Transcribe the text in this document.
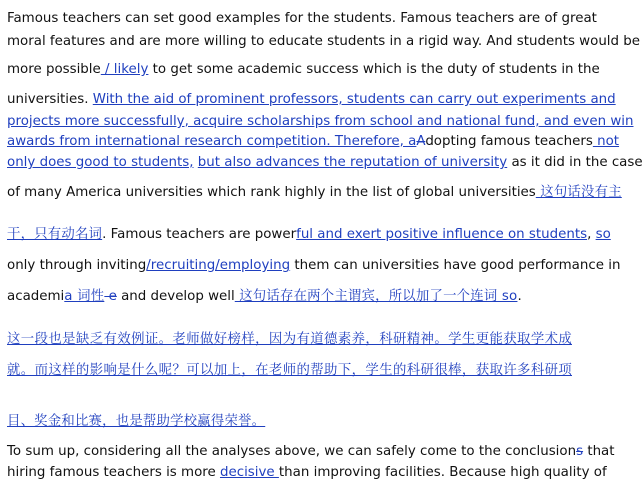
Famous teachers can set good examples for the students. Famous teachers are of great
moral features and are more willing to educate students in a rigid way. And students would be
more possible / likely to get some academic success which is the duty of students in the
universities. With the aid of prominent professors, students can carry out experiments and
projects more successfully, acquire scholarships from school and national fund, and even win
awards from international research competition. Therefore, aAdopting famous teachers not
only does good to students, but also advances the reputation of university as it did in the case
of many America universities which rank highly in the list of global universities 这句话没有主
干，只有动名词. Famous teachers are powerful and exert positive influence on students, so
only through inviting/recruiting/employing them can universities have good performance in
academia 词性 e and develop well 这句话存在两个主谓宾，所以加了一个连词 so.
这一段也是缺乏有效例证。老师做好榜样，因为有道德素养，科研精神。学生更能获取学术成
就。而这样的影响是什么呢？可以加上，在老师的帮助下，学生的科研很棒，获取许多科研项
目、奖金和比赛，也是帮助学校赢得荣誉。
To sum up, considering all the analyses above, we can safely come to the conclusions that
hiring famous teachers is more decisive than improving facilities. Because high quality of
